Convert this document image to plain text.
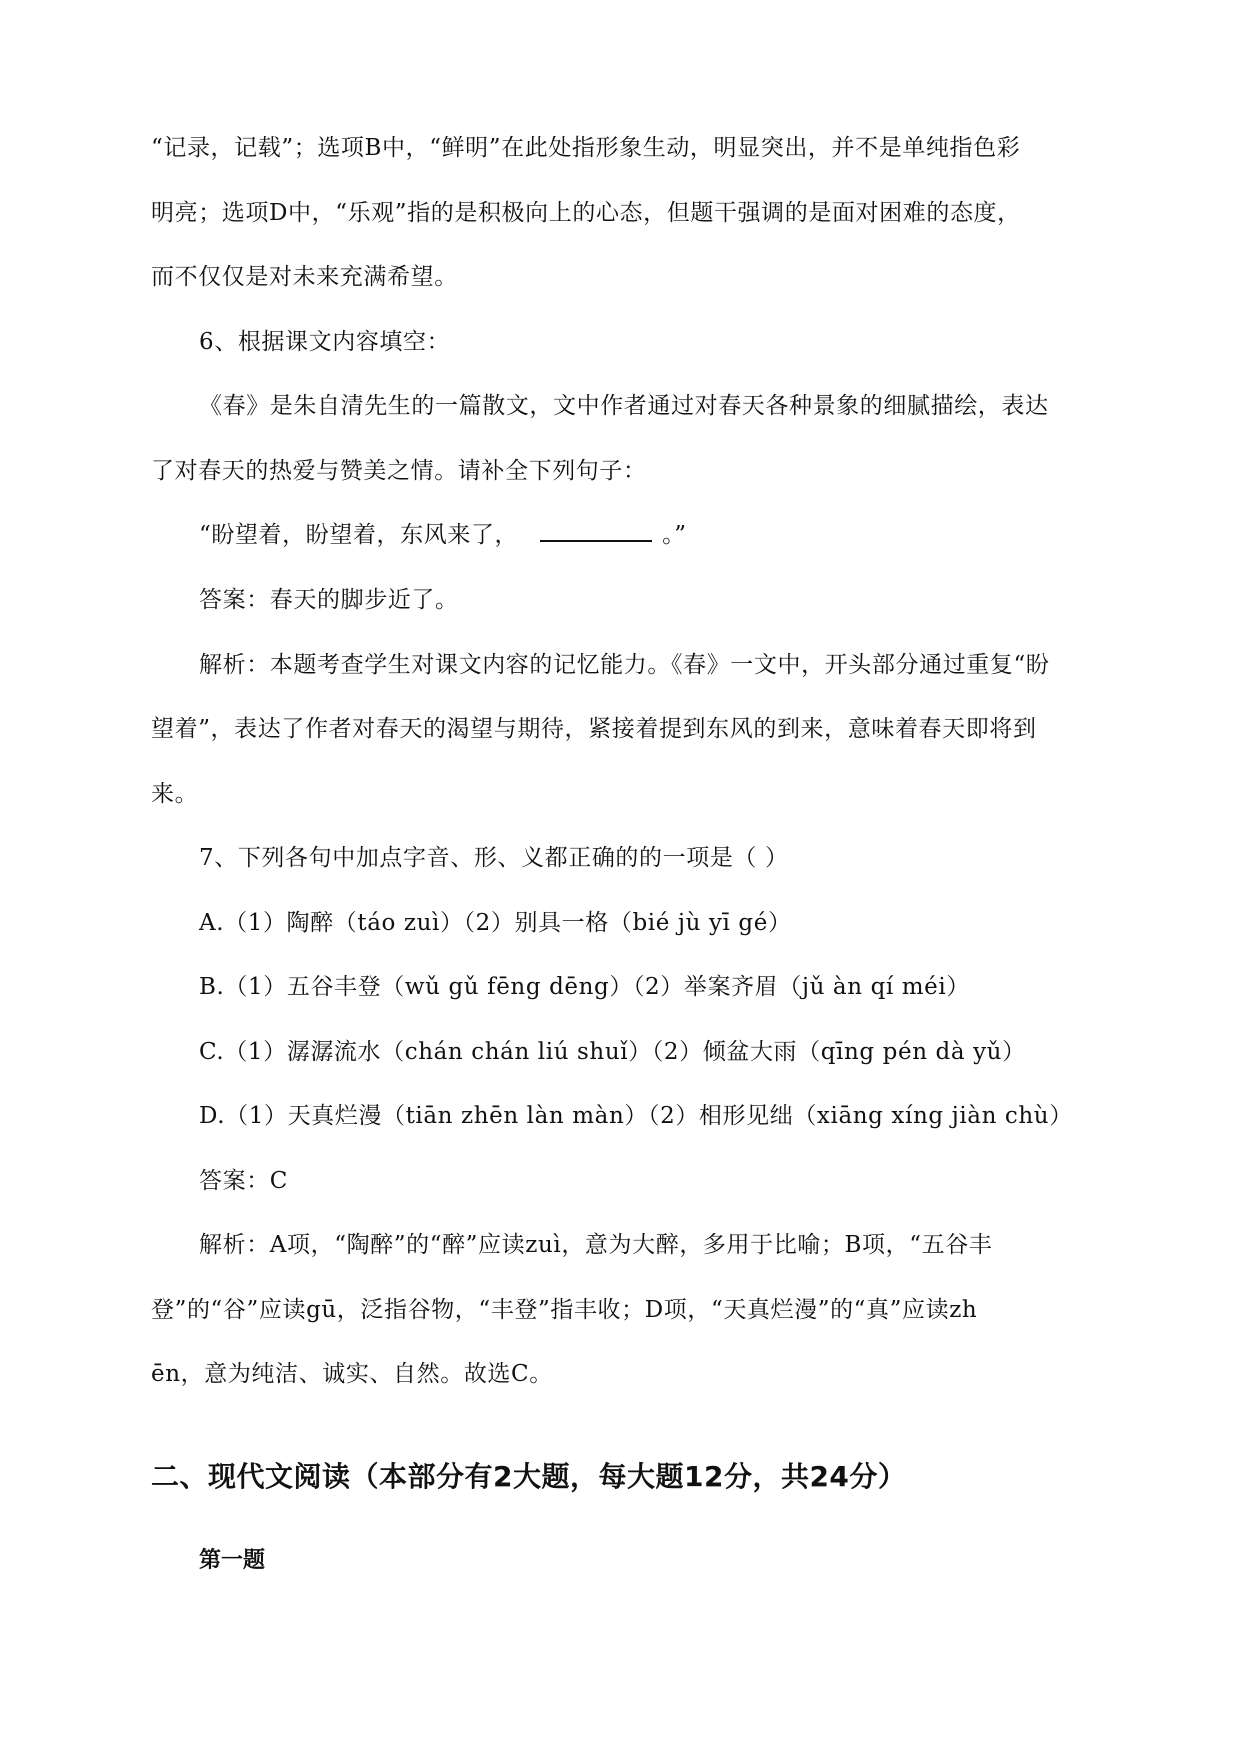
“记录，记载”；选项B中，“鲜明”在此处指形象生动，明显突出，并不是单纯指色彩
明亮；选项D中，“乐观”指的是积极向上的心态，但题干强调的是面对困难的态度，
而不仅仅是对未来充满希望。
6、根据课文内容填空：
《春》是朱自清先生的一篇散文，文中作者通过对春天各种景象的细腻描绘，表达
了对春天的热爱与赞美之情。请补全下列句子：
“盼望着，盼望着，东风来了，	。”
答案：春天的脚步近了。
解析：本题考查学生对课文内容的记忆能力。《春》一文中，开头部分通过重复“盼
望着”，表达了作者对春天的渴望与期待，紧接着提到东风的到来，意味着春天即将到
来。
7、下列各句中加点字音、形、义都正确的的一项是（ ）
A.（1）陶醉（táo zuì）（2）别具一格（bié jù yī gé）
B.（1）五谷丰登（wǔ gǔ fēng dēng）（2）举案齐眉（jǔ àn qí méi）
C.（1）潺潺流水（chán chán liú shuǐ）（2）倾盆大雨（qīng pén dà yǔ）
D.（1）天真烂漫（tiān zhēn làn màn）（2）相形见绌（xiāng xíng jiàn chù）
答案：C
解析：A项，“陶醉”的“醉”应读zuì，意为大醉，多用于比喻；B项，“五谷丰
登”的“谷”应读gū，泛指谷物，“丰登”指丰收；D项，“天真烂漫”的“真”应读zh
ēn，意为纯洁、诚实、自然。故选C。
二、现代文阅读（本部分有2大题，每大题12分，共24分）
第一题
